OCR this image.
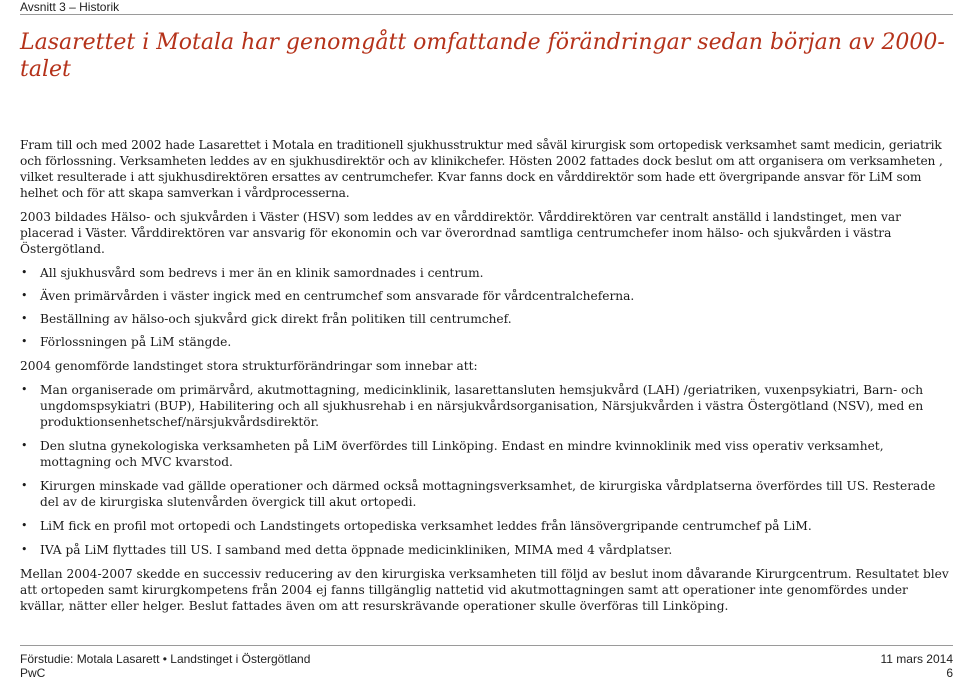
Avsnitt 3 – Historik
Lasarettet i Motala har genomgått omfattande förändringar sedan början av 2000-talet

Fram till och med 2002 hade Lasarettet i Motala en traditionell sjukhusstruktur med såväl kirurgisk som ortopedisk verksamhet samt medicin, geriatrik och förlossning. Verksamheten leddes av en sjukhusdirektör och av klinikchefer. Hösten 2002 fattades dock beslut om att organisera om verksamheten , vilket resulterade i att sjukhusdirektören ersattes av centrumchefer. Kvar fanns dock en vårddirektör som hade ett övergripande ansvar för LiM som helhet och för att skapa samverkan i vårdprocesserna.

2003 bildades Hälso- och sjukvården i Väster (HSV) som leddes av en vårddirektör. Vårddirektören var centralt anställd i landstinget, men var placerad i Väster. Vårddirektören var ansvarig för ekonomin och var överordnad samtliga centrumchefer inom hälso- och sjukvården i västra Östergötland.

• All sjukhusvård som bedrevs i mer än en klinik samordnades i centrum.
• Även primärvården i väster ingick med en centrumchef som ansvarade för vårdcentralcheferna.
• Beställning av hälso-och sjukvård gick direkt från politiken till centrumchef.
• Förlossningen på LiM stängde.

2004 genomförde landstinget stora strukturförändringar som innebar att:

• Man organiserade om primärvård, akutmottagning, medicinklinik, lasarettansluten hemsjukvård (LAH) /geriatriken, vuxenpsykiatri, Barn- och ungdomspsykiatri (BUP), Habilitering och all sjukhusrehab i en närsjukvårdsorganisation, Närsjukvården i västra Östergötland (NSV), med en produktionsenhetschef/närsjukvårdsdirektör.
• Den slutna gynekologiska verksamheten på LiM överfördes till Linköping. Endast en mindre kvinnoklinik med viss operativ verksamhet, mottagning och MVC kvarstod.
• Kirurgen minskade vad gällde operationer och därmed också mottagningsverksamhet, de kirurgiska vårdplatserna överfördes till US. Resterade del av de kirurgiska slutenvården övergick till akut ortopedi.
• LiM fick en profil mot ortopedi och Landstingets ortopediska verksamhet leddes från länsövergripande centrumchef på LiM.
• IVA på LiM flyttades till US. I samband med detta öppnade medicinkliniken, MIMA med 4 vårdplatser.

Mellan 2004-2007 skedde en successiv reducering av den kirurgiska verksamheten till följd av beslut inom dåvarande Kirurgcentrum. Resultatet blev att ortopeden samt kirurgkompetens från 2004 ej fanns tillgänglig nattetid vid akutmottagningen samt att operationer inte genomfördes under kvällar, nätter eller helger. Beslut fattades även om att resurskrävande operationer skulle överföras till Linköping.

Förstudie: Motala Lasarett • Landstinget i Östergötland	11 mars 2014
PwC	6
